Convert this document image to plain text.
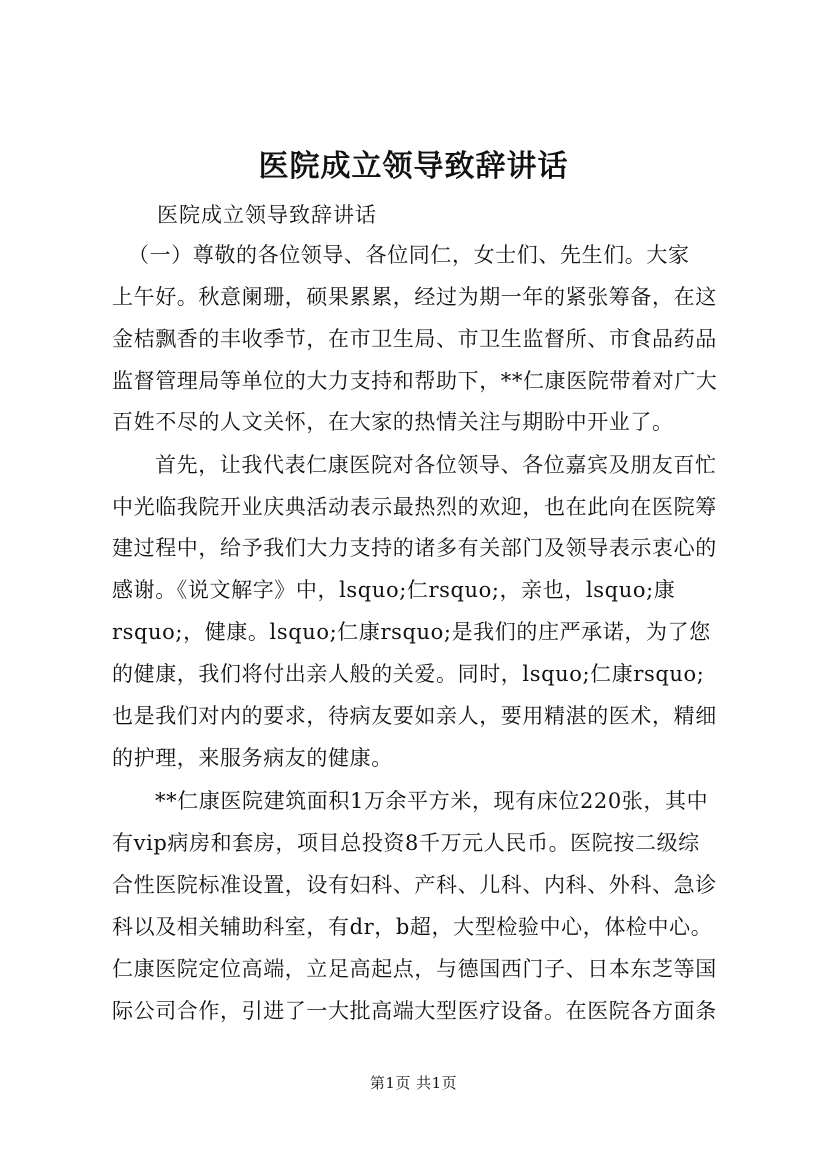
医院成立领导致辞讲话
医院成立领导致辞讲话
（一）尊敬的各位领导、各位同仁，女士们、先生们。大家
上午好。秋意阑珊，硕果累累，经过为期一年的紧张筹备，在这
金桔飘香的丰收季节，在市卫生局、市卫生监督所、市食品药品
监督管理局等单位的大力支持和帮助下，**仁康医院带着对广大
百姓不尽的人文关怀，在大家的热情关注与期盼中开业了。
首先，让我代表仁康医院对各位领导、各位嘉宾及朋友百忙
中光临我院开业庆典活动表示最热烈的欢迎，也在此向在医院筹
建过程中，给予我们大力支持的诸多有关部门及领导表示衷心的
感谢。《说文解字》中，lsquo;仁rsquo;，亲也，lsquo;康
rsquo;，健康。lsquo;仁康rsquo;是我们的庄严承诺，为了您
的健康，我们将付出亲人般的关爱。同时，lsquo;仁康rsquo;
也是我们对内的要求，待病友要如亲人，要用精湛的医术，精细
的护理，来服务病友的健康。
**仁康医院建筑面积1万余平方米，现有床位220张，其中
有vip病房和套房，项目总投资8千万元人民币。医院按二级综
合性医院标准设置，设有妇科、产科、儿科、内科、外科、急诊
科以及相关辅助科室，有dr，b超，大型检验中心，体检中心。
仁康医院定位高端，立足高起点，与德国西门子、日本东芝等国
际公司合作，引进了一大批高端大型医疗设备。在医院各方面条
第1页 共1页
